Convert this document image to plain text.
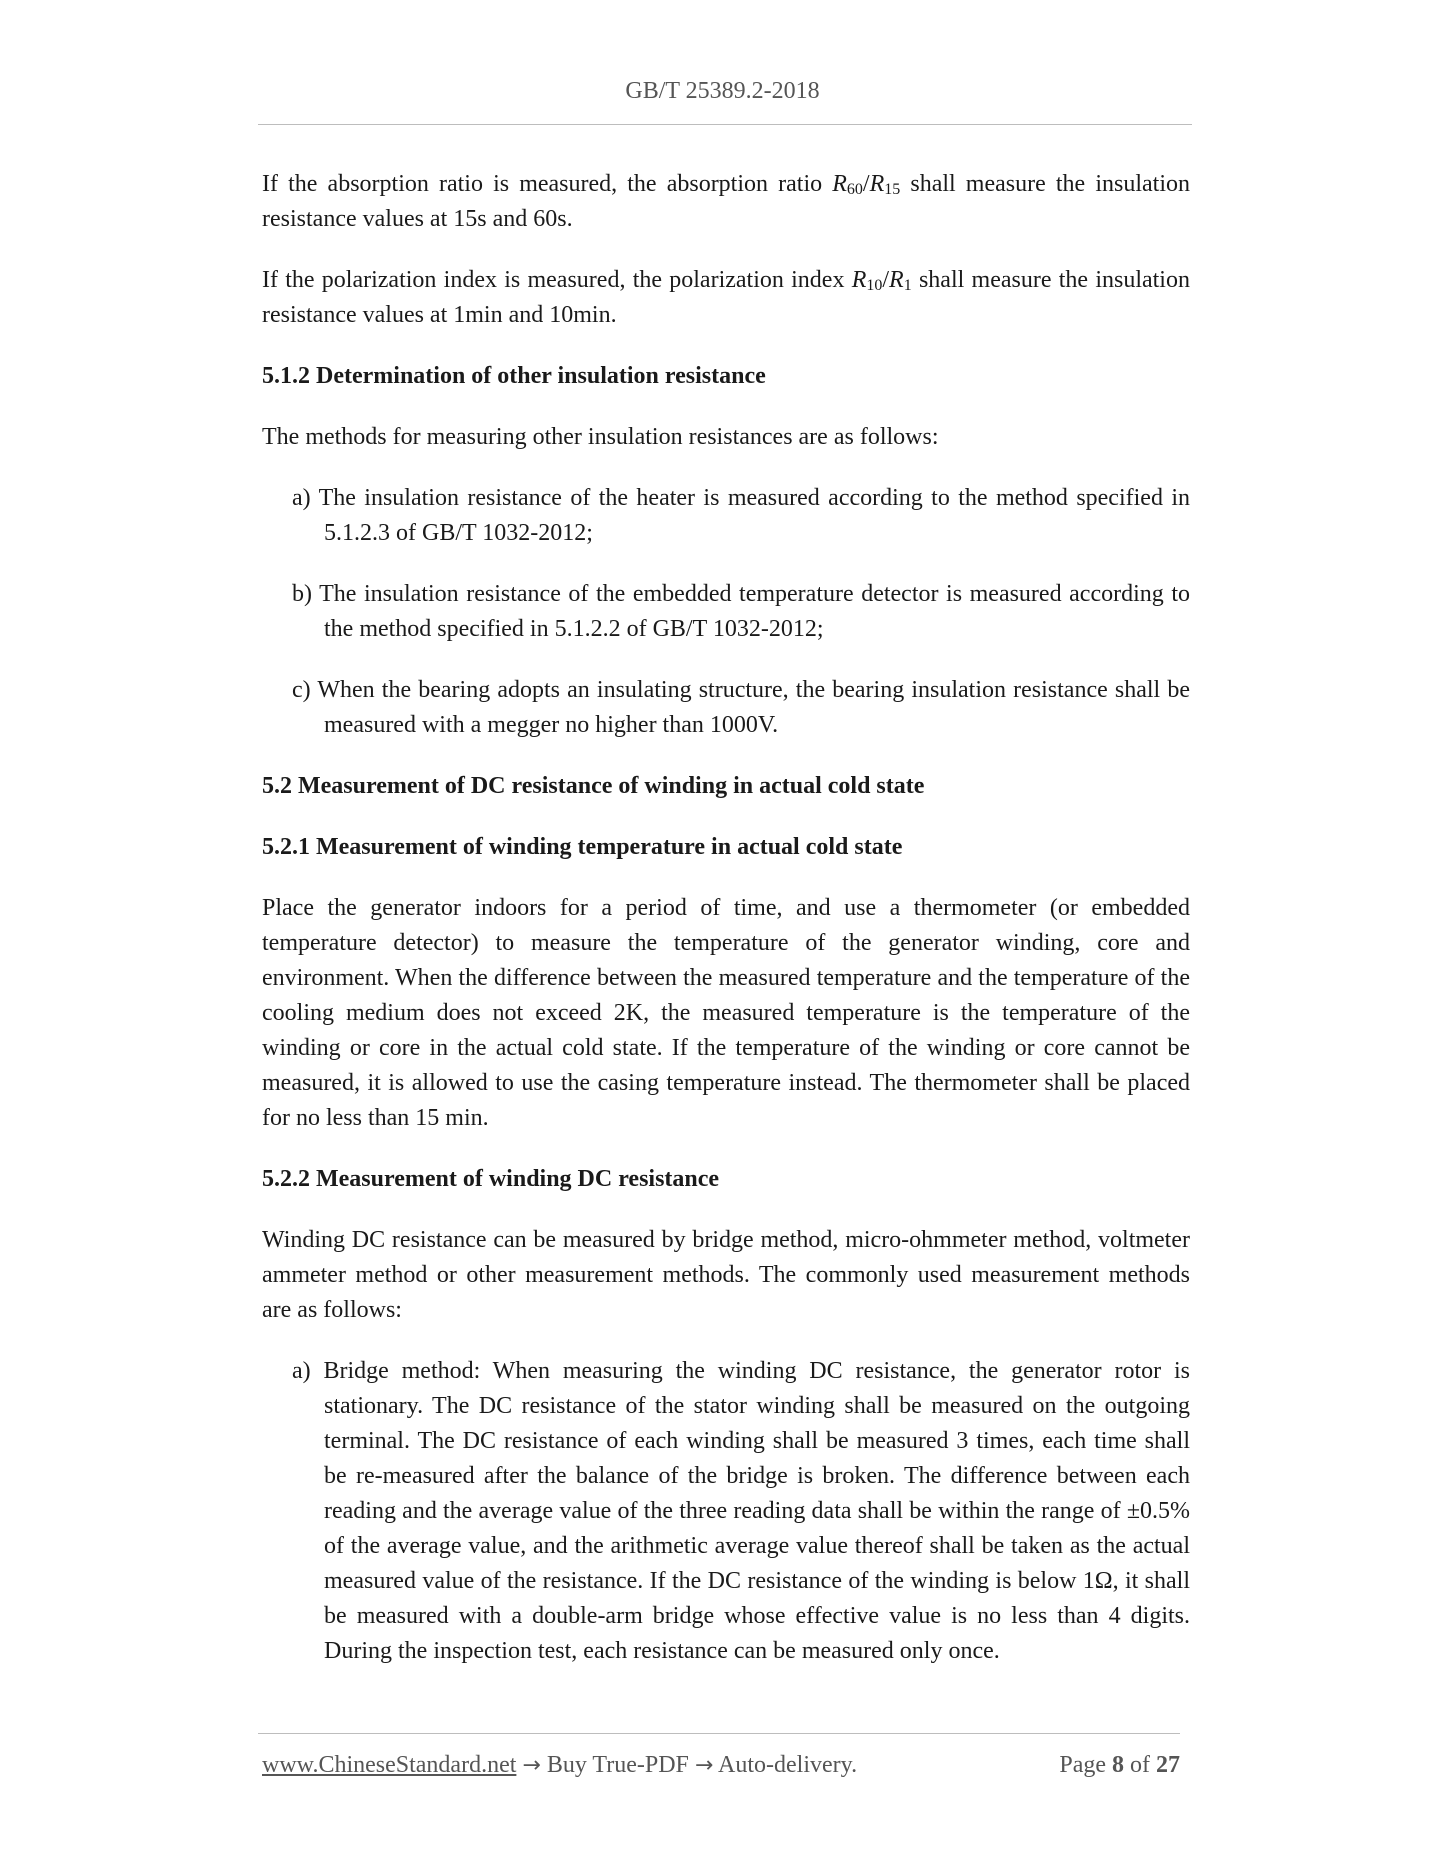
GB/T 25389.2-2018

If the absorption ratio is measured, the absorption ratio $R_{60}/R_{15}$ shall measure the insulation resistance values at 15s and 60s.

If the polarization index is measured, the polarization index $R_{10}/R_1$ shall measure the insulation resistance values at 1min and 10min.

5.1.2 Determination of other insulation resistance

The methods for measuring other insulation resistances are as follows:

a) The insulation resistance of the heater is measured according to the method specified in 5.1.2.3 of GB/T 1032-2012;
b) The insulation resistance of the embedded temperature detector is measured according to the method specified in 5.1.2.2 of GB/T 1032-2012;
c) When the bearing adopts an insulating structure, the bearing insulation resistance shall be measured with a megger no higher than 1000V.
5.2 Measurement of DC resistance of winding in actual cold state
5.2.1 Measurement of winding temperature in actual cold state

Place the generator indoors for a period of time, and use a thermometer (or embedded temperature detector) to measure the temperature of the generator winding, core and environment. When the difference between the measured temperature and the temperature of the cooling medium does not exceed 2K, the measured temperature is the temperature of the winding or core in the actual cold state. If the temperature of the winding or core cannot be measured, it is allowed to use the casing temperature instead. The thermometer shall be placed for no less than 15 min.

5.2.2 Measurement of winding DC resistance

Winding DC resistance can be measured by bridge method, micro-ohmmeter method, voltmeter ammeter method or other measurement methods. The commonly used measurement methods are as follows:

a) Bridge method: When measuring the winding DC resistance, the generator rotor is stationary. The DC resistance of the stator winding shall be measured on the outgoing terminal. The DC resistance of each winding shall be measured 3 times, each time shall be re-measured after the balance of the bridge is broken. The difference between each reading and the average value of the three reading data shall be within the range of ±0.5% of the average value, and the arithmetic average value thereof shall be taken as the actual measured value of the resistance. If the DC resistance of the winding is below 1Ω, it shall be measured with a double-arm bridge whose effective value is no less than 4 digits. During the inspection test, each resistance can be measured only once.
www.ChineseStandard.net → Buy True-PDF → Auto-delivery.	Page 8 of 27
